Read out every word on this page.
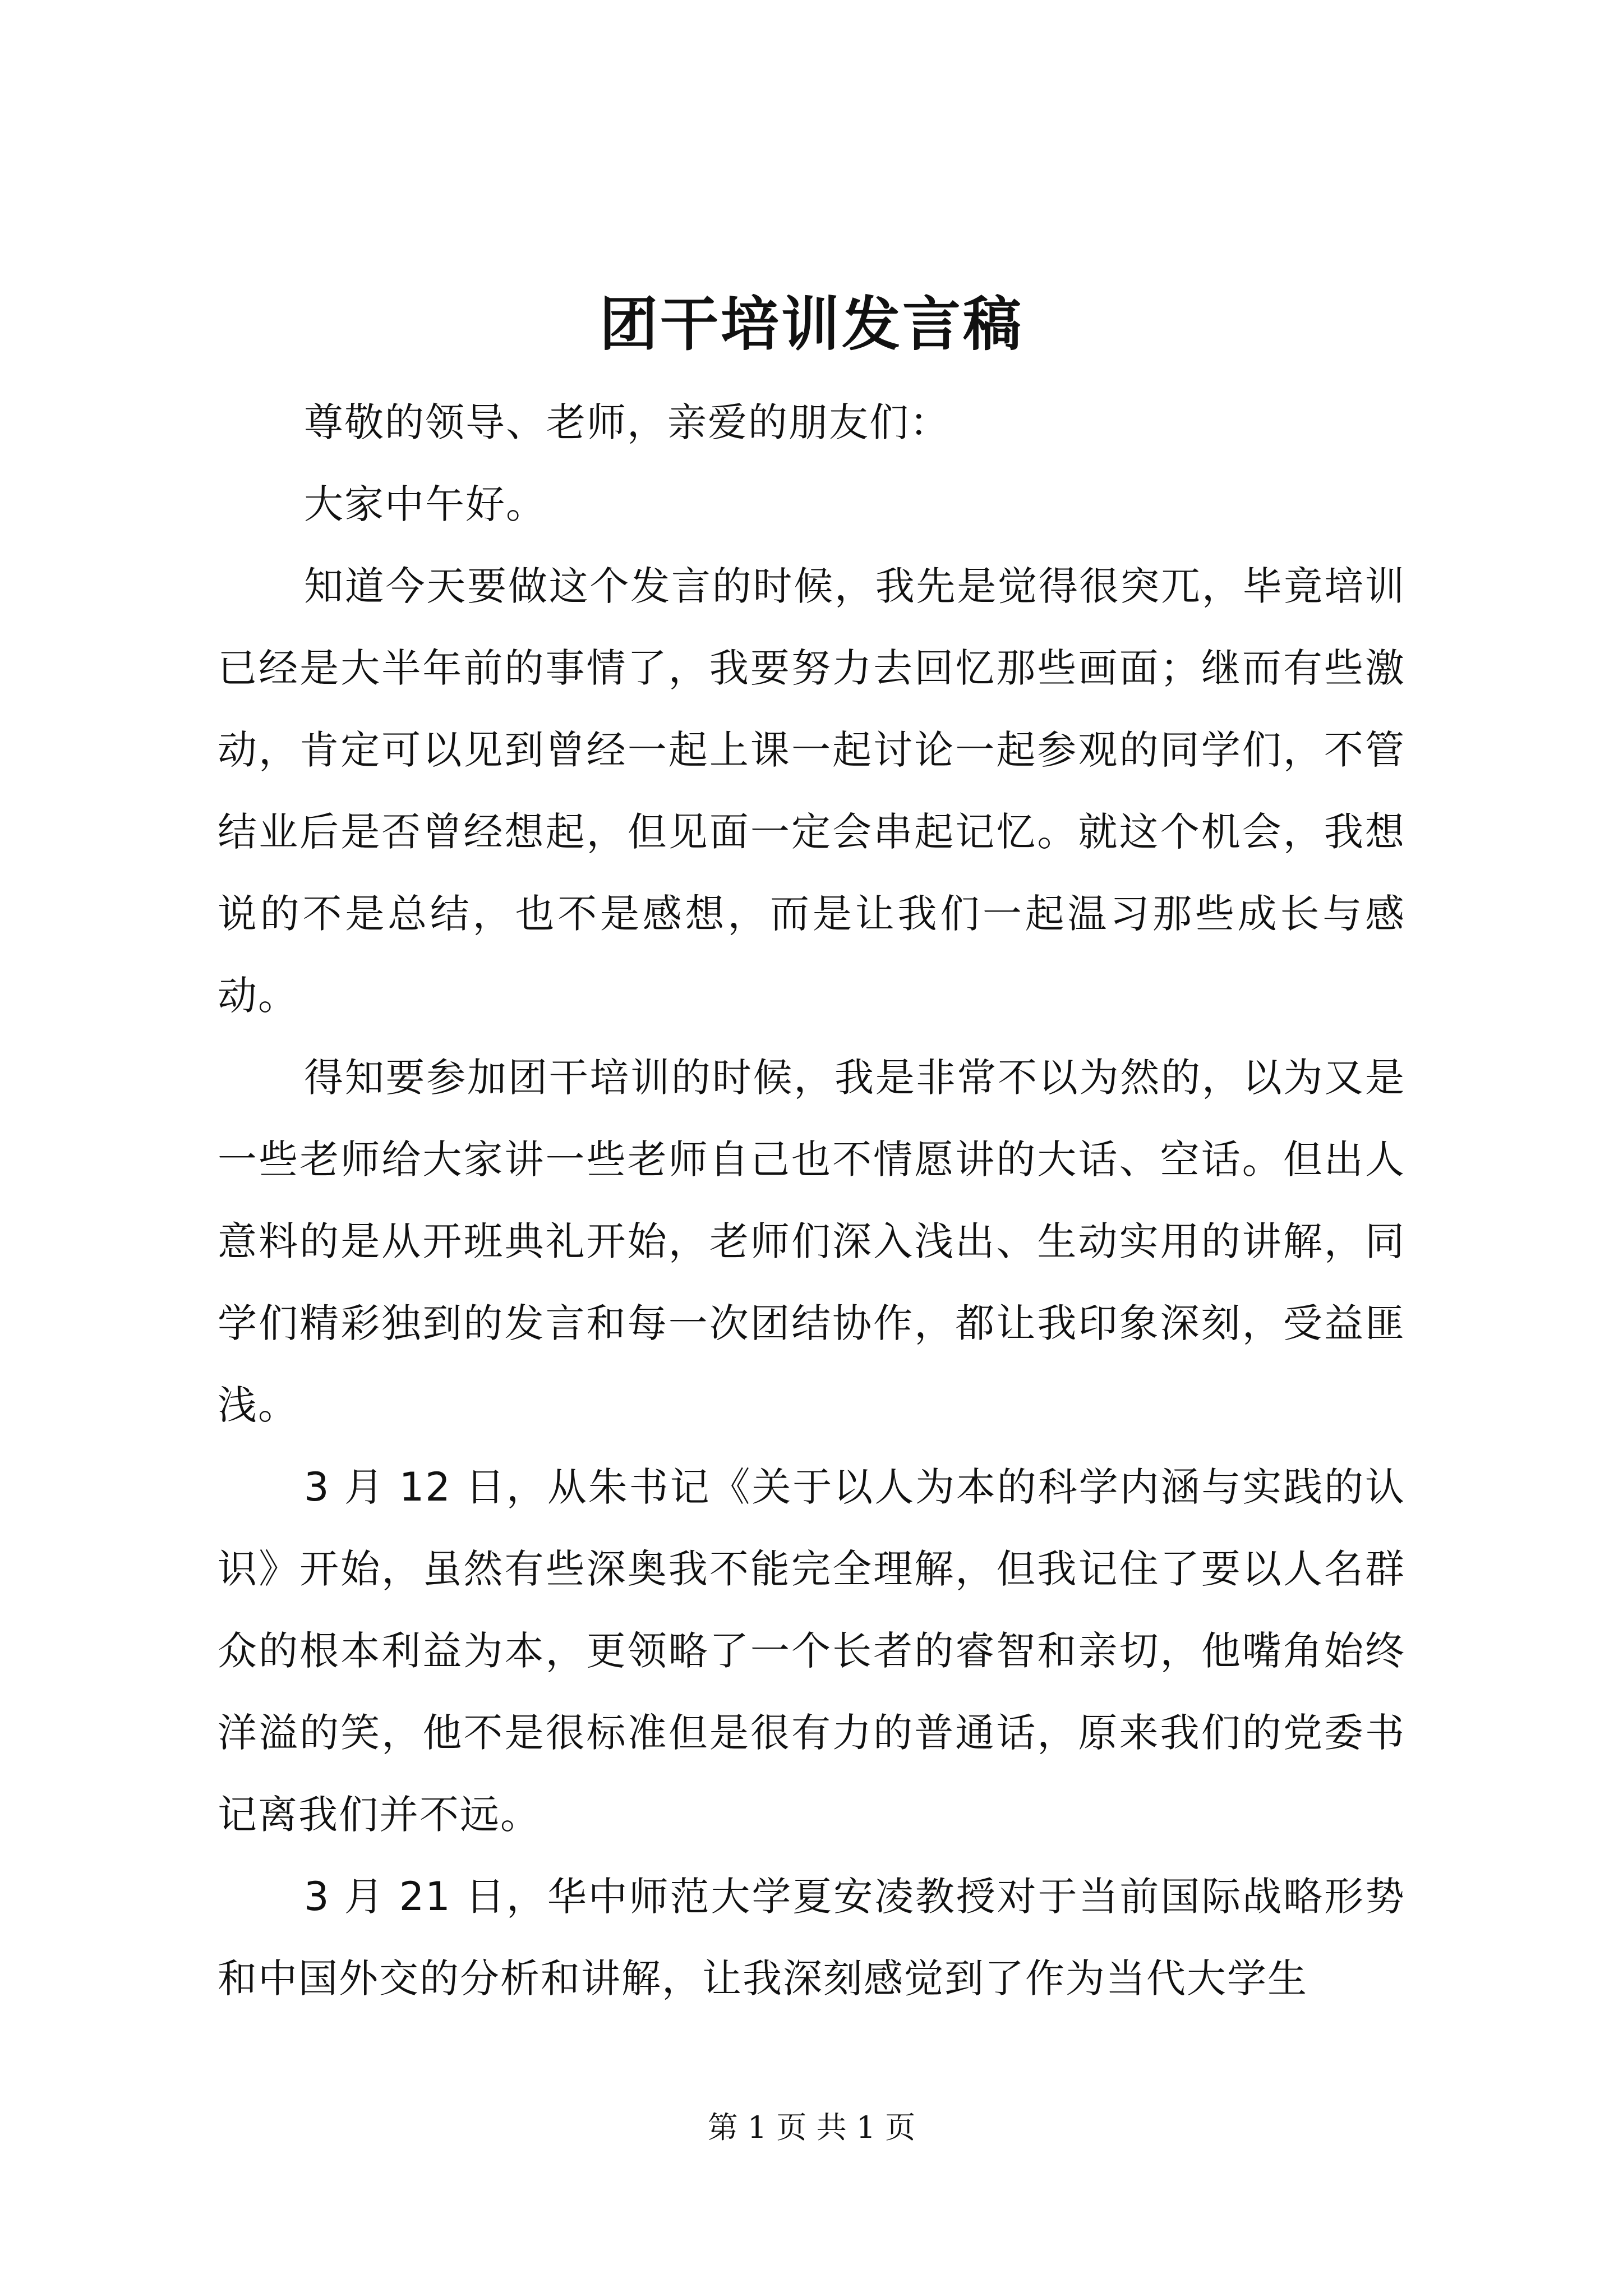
团干培训发言稿

尊敬的领导、老师，亲爱的朋友们：

大家中午好。

知道今天要做这个发言的时候，我先是觉得很突兀，毕竟培训已经是大半年前的事情了，我要努力去回忆那些画面；继而有些激动，肯定可以见到曾经一起上课一起讨论一起参观的同学们，不管结业后是否曾经想起，但见面一定会串起记忆。就这个机会，我想说的不是总结，也不是感想，而是让我们一起温习那些成长与感动。

得知要参加团干培训的时候，我是非常不以为然的，以为又是一些老师给大家讲一些老师自己也不情愿讲的大话、空话。但出人意料的是从开班典礼开始，老师们深入浅出、生动实用的讲解，同学们精彩独到的发言和每一次团结协作，都让我印象深刻，受益匪浅。

3 月 12 日，从朱书记《关于以人为本的科学内涵与实践的认识》开始，虽然有些深奥我不能完全理解，但我记住了要以人名群众的根本利益为本，更领略了一个长者的睿智和亲切，他嘴角始终洋溢的笑，他不是很标准但是很有力的普通话，原来我们的党委书记离我们并不远。

3 月 21 日，华中师范大学夏安凌教授对于当前国际战略形势和中国外交的分析和讲解，让我深刻感觉到了作为当代大学生

第 1 页 共 1 页
